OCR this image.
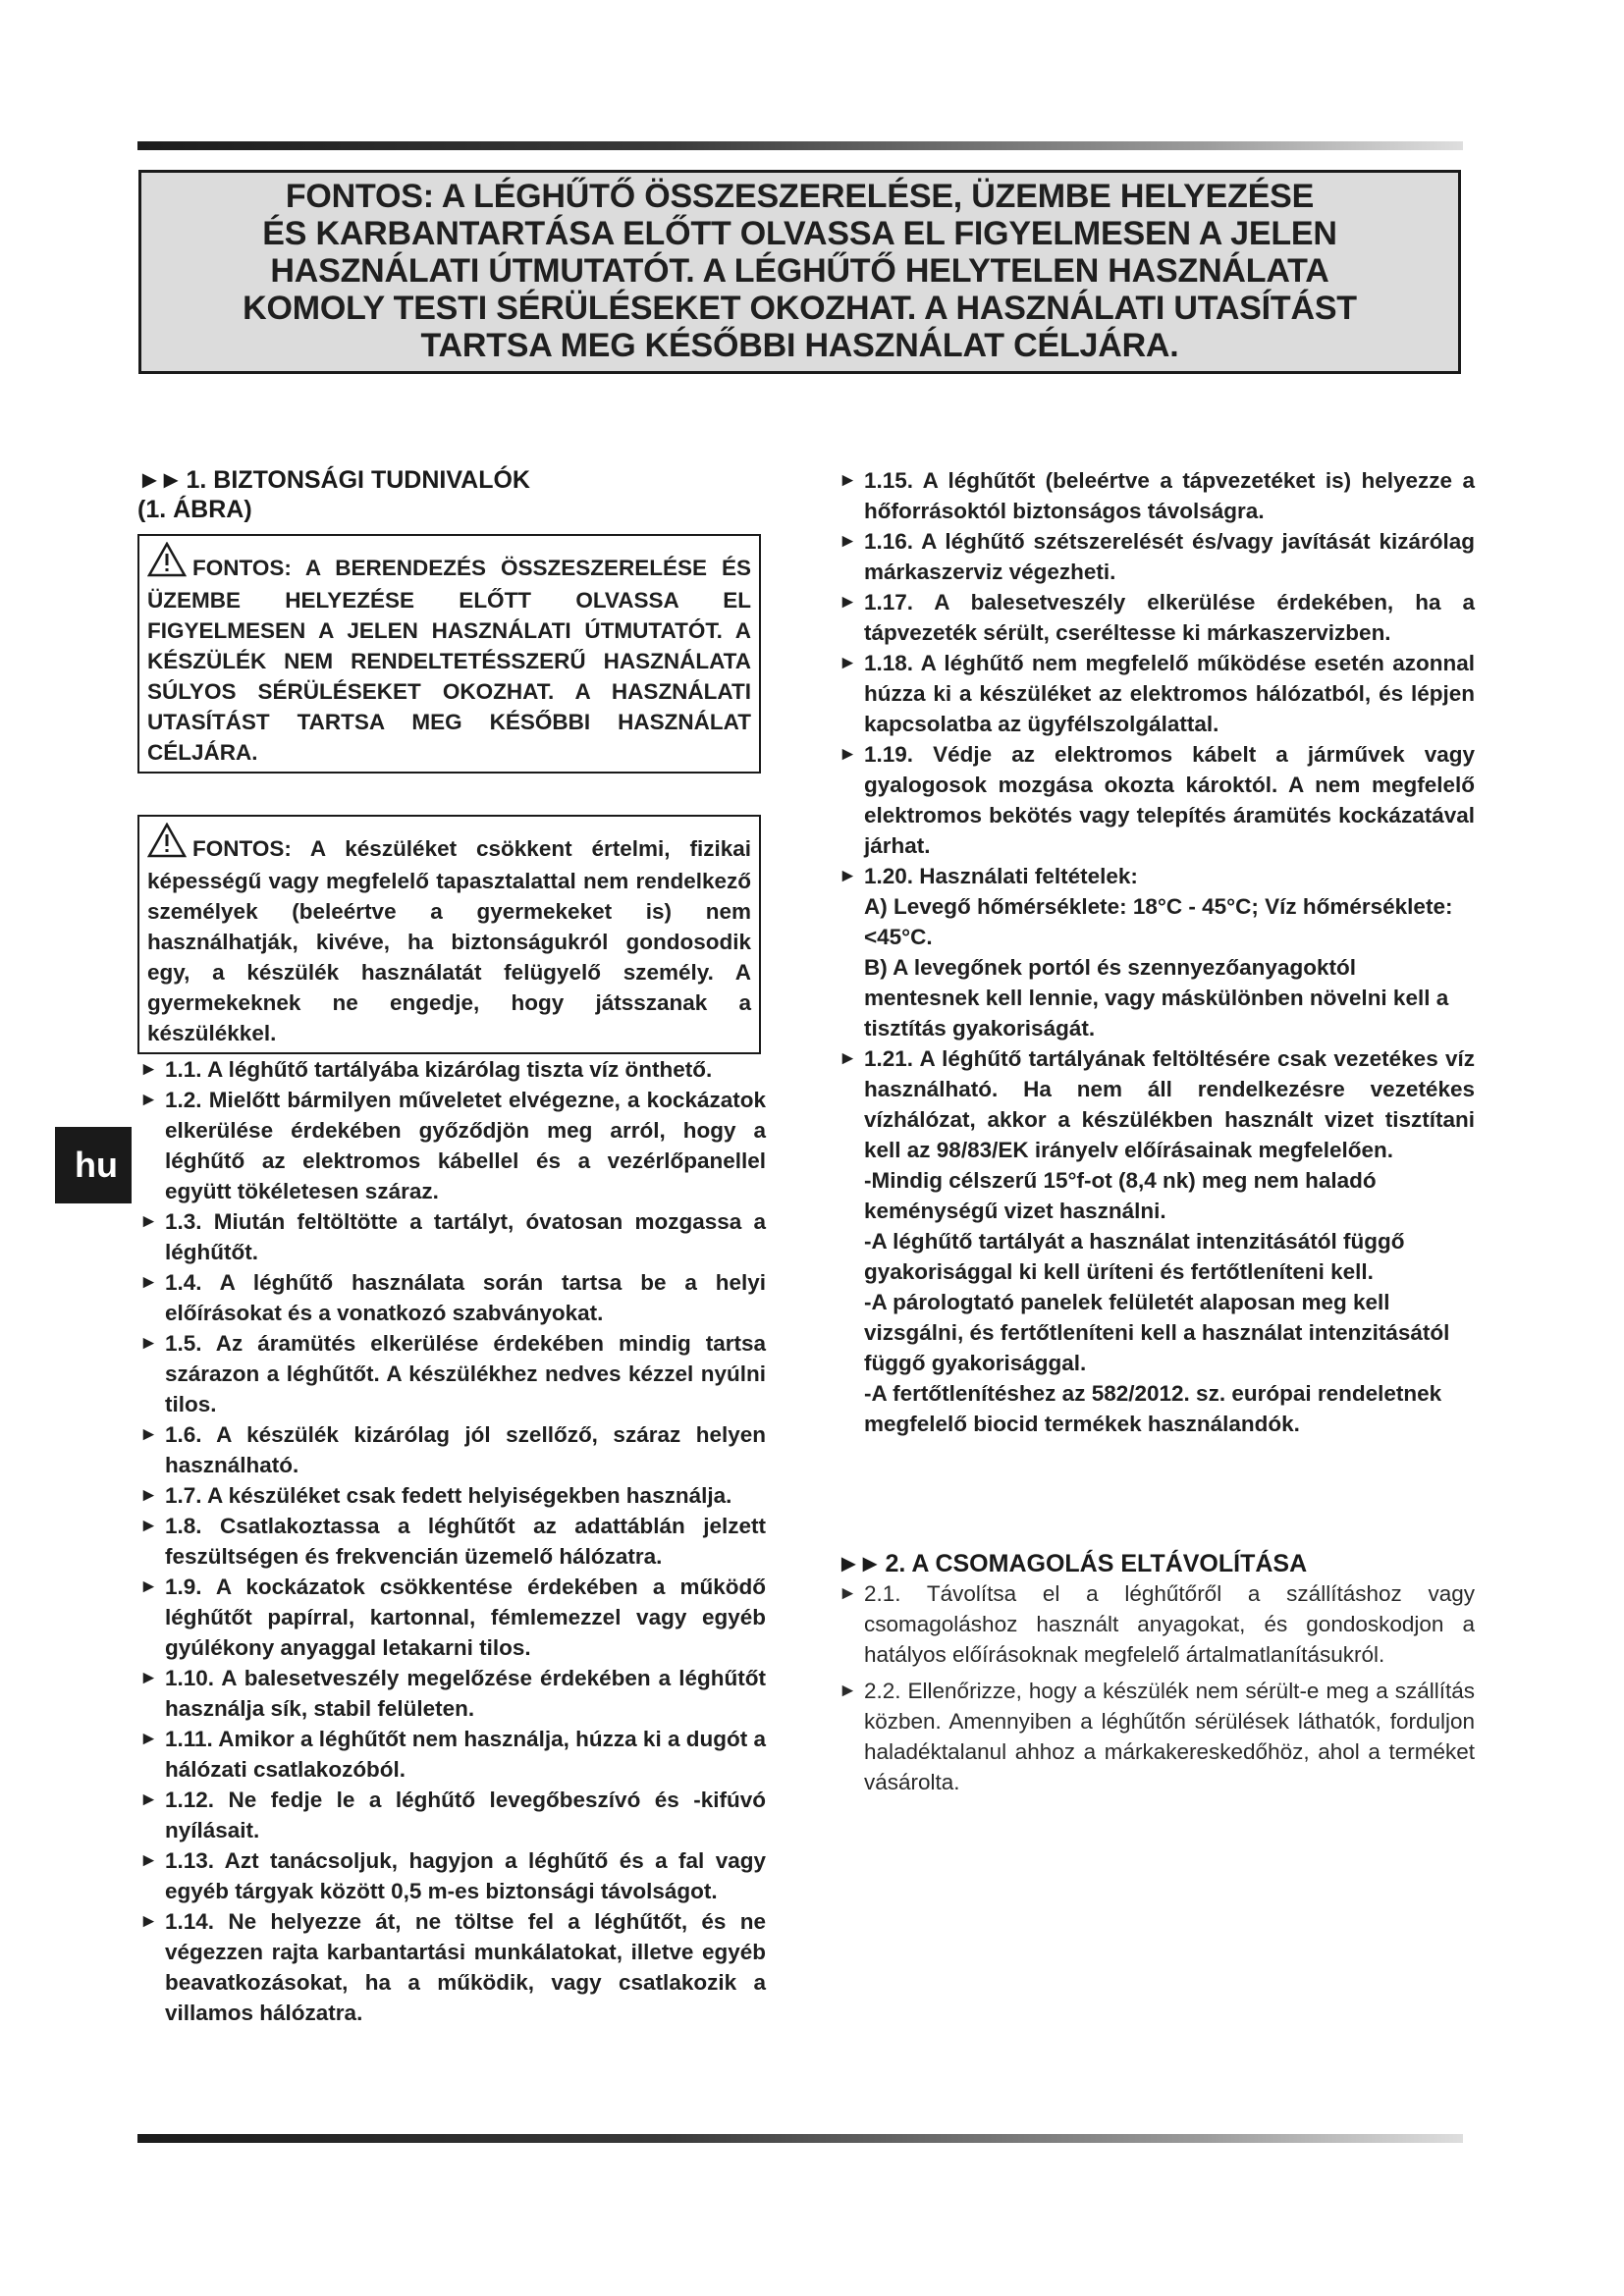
FONTOS: A LÉGHŰTŐ ÖSSZESZERELÉSE, ÜZEMBE HELYEZÉSE
ÉS KARBANTARTÁSA ELŐTT OLVASSA EL FIGYELMESEN A JELEN
HASZNÁLATI ÚTMUTATÓT. A LÉGHŰTŐ HELYTELEN HASZNÁLATA
KOMOLY TESTI SÉRÜLÉSEKET OKOZHAT. A HASZNÁLATI UTASÍTÁST
TARTSA MEG KÉSŐBBI HASZNÁLAT CÉLJÁRA.
hu
►► 1. BIZTONSÁGI TUDNIVALÓK
(1. ÁBRA)

FONTOS: A BERENDEZÉS ÖSSZESZERELÉSE ÉS ÜZEMBE HELYEZÉSE ELŐTT OLVASSA EL FIGYELMESEN A JELEN HASZNÁLATI ÚTMUTATÓT. A KÉSZÜLÉK NEM RENDELTETÉSSZERŰ HASZNÁLATA SÚLYOS SÉRÜLÉSEKET OKOZHAT. A HASZNÁLATI UTASÍTÁST TARTSA MEG KÉSŐBBI HASZNÁLAT CÉLJÁRA.

FONTOS: A készüléket csökkent értelmi, fizikai képességű vagy megfelelő tapasztalattal nem rendelkező személyek (beleértve a gyermekeket is) nem használhatják, kivéve, ha biztonságukról gondosodik egy, a készülék használatát felügyelő személy. A gyermekeknek ne engedje, hogy játsszanak a készülékkel.

► 1.1. A léghűtő tartályába kizárólag tiszta víz önthető.

► 1.2. Mielőtt bármilyen műveletet elvégezne, a kockázatok elkerülése érdekében győződjön meg arról, hogy a léghűtő az elektromos kábellel és a vezérlőpanellel együtt tökéletesen száraz.

► 1.3. Miután feltöltötte a tartályt, óvatosan mozgassa a léghűtőt.

► 1.4. A léghűtő használata során tartsa be a helyi előírásokat és a vonatkozó szabványokat.

► 1.5. Az áramütés elkerülése érdekében mindig tartsa szárazon a léghűtőt. A készülékhez nedves kézzel nyúlni tilos.

► 1.6. A készülék kizárólag jól szellőző, száraz helyen használható.

► 1.7. A készüléket csak fedett helyiségekben használja.

► 1.8. Csatlakoztassa a léghűtőt az adattáblán jelzett feszültségen és frekvencián üzemelő hálózatra.

► 1.9. A kockázatok csökkentése érdekében a működő léghűtőt papírral, kartonnal, fémlemezzel vagy egyéb gyúlékony anyaggal letakarni tilos.

► 1.10. A balesetveszély megelőzése érdekében a léghűtőt használja sík, stabil felületen.

► 1.11. Amikor a léghűtőt nem használja, húzza ki a dugót a hálózati csatlakozóból.

► 1.12. Ne fedje le a léghűtő levegőbeszívó és -kifúvó nyílásait.

► 1.13. Azt tanácsoljuk, hagyjon a léghűtő és a fal vagy egyéb tárgyak között 0,5 m-es biztonsági távolságot.

► 1.14. Ne helyezze át, ne töltse fel a léghűtőt, és ne végezzen rajta karbantartási munkálatokat, illetve egyéb beavatkozásokat, ha a működik, vagy csatlakozik a villamos hálózatra.

► 1.15. A léghűtőt (beleértve a tápvezetéket is) helyezze a hőforrásoktól biztonságos távolságra.

► 1.16. A léghűtő szétszerelését és/vagy javítását kizárólag márkaszerviz végezheti.

► 1.17. A balesetveszély elkerülése érdekében, ha a tápvezeték sérült, cseréltesse ki márkaszervizben.

► 1.18. A léghűtő nem megfelelő működése esetén azonnal húzza ki a készüléket az elektromos hálózatból, és lépjen kapcsolatba az ügyfélszolgálattal.

► 1.19. Védje az elektromos kábelt a járművek vagy gyalogosok mozgása okozta károktól. A nem megfelelő elektromos bekötés vagy telepítés áramütés kockázatával járhat.

► 1.20. Használati feltételek:

A) Levegő hőmérséklete: 18°C - 45°C; Víz hőmérséklete: <45°C.

B) A levegőnek portól és szennyezőanyagoktól mentesnek kell lennie, vagy máskülönben növelni kell a tisztítás gyakoriságát.

► 1.21. A léghűtő tartályának feltöltésére csak vezetékes víz használható. Ha nem áll rendelkezésre vezetékes vízhálózat, akkor a készülékben használt vizet tisztítani kell az 98/83/EK irányelv előírásainak megfelelően.

-Mindig célszerű 15°f-ot (8,4 nk) meg nem haladó keménységű vizet használni.

-A léghűtő tartályát a használat intenzitásától függő gyakorisággal ki kell üríteni és fertőtleníteni kell.

-A párologtató panelek felületét alaposan meg kell vizsgálni, és fertőtleníteni kell a használat intenzitásától függő gyakorisággal.

-A fertőtlenítéshez az 582/2012. sz. európai rendeletnek megfelelő biocid termékek használandók.

►► 2. A CSOMAGOLÁS ELTÁVOLÍTÁSA

► 2.1. Távolítsa el a léghűtőről a szállításhoz vagy csomagoláshoz használt anyagokat, és gondoskodjon a hatályos előírásoknak megfelelő ártalmatlanításukról.

► 2.2. Ellenőrizze, hogy a készülék nem sérült-e meg a szállítás közben. Amennyiben a léghűtőn sérülések láthatók, forduljon haladéktalanul ahhoz a márkakereskedőhöz, ahol a terméket vásárolta.
